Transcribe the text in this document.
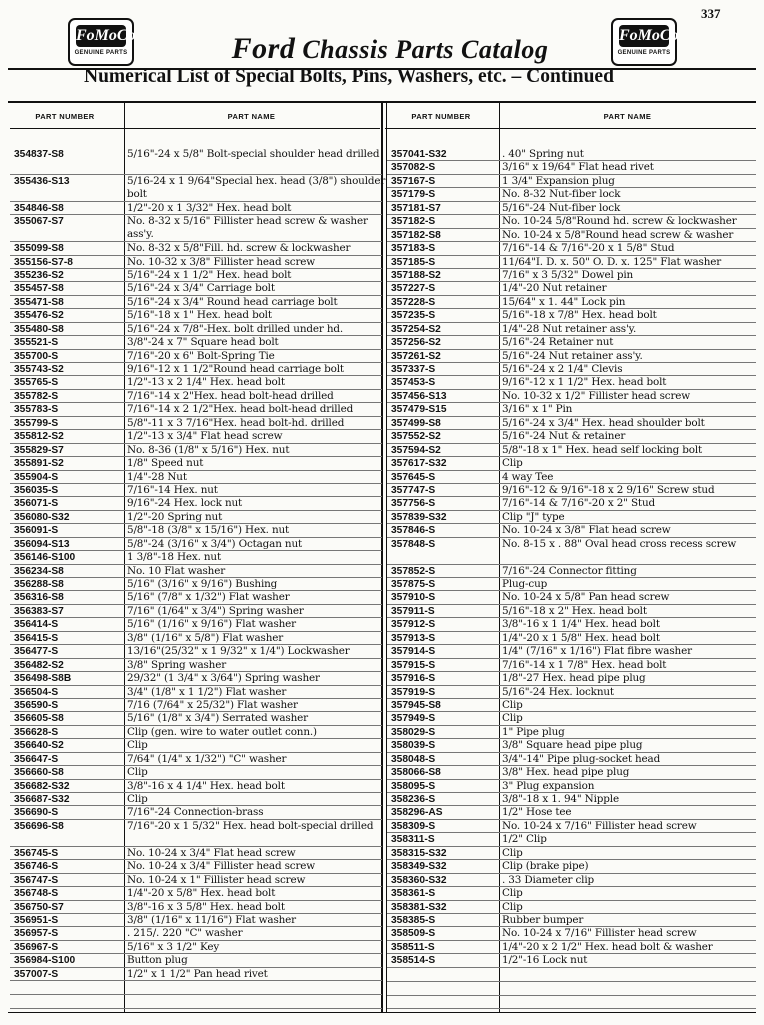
337
FoMoCo
GENUINE PARTS
FoMoCo
GENUINE PARTS
Ford Chassis Parts Catalog
Numerical List of Special Bolts, Pins, Washers, etc. – Continued
PART NUMBER	PART NAME	PART NUMBER	PART NAME
354837-S8	5/16"-24 x 5/8" Bolt-special shoulder head drilled
355436-S13	5/16-24 x 1 9/64"Special hex. head (3/8") shoulder bolt
354846-S8	1/2"-20 x 1 3/32" Hex. head bolt
355067-S7	No. 8-32 x 5/16" Fillister head screw & washer ass'y.
355099-S8	No. 8-32 x 5/8"Fill. hd. screw & lockwasher
355156-S7-8	No. 10-32 x 3/8" Fillister head screw
355236-S2	5/16"-24 x 1 1/2" Hex. head bolt
355457-S8	5/16"-24 x 3/4" Carriage bolt
355471-S8	5/16"-24 x 3/4" Round head carriage bolt
355476-S2	5/16"-18 x 1" Hex. head bolt
355480-S8	5/16"-24 x 7/8"-Hex. bolt drilled under hd.
355521-S	3/8"-24 x 7" Square head bolt
355700-S	7/16"-20 x 6" Bolt-Spring Tie
355743-S2	9/16"-12 x 1 1/2"Round head carriage bolt
355765-S	1/2"-13 x 2 1/4" Hex. head bolt
355782-S	7/16"-14 x 2"Hex. head bolt-head drilled
355783-S	7/16"-14 x 2 1/2"Hex. head bolt-head drilled
355799-S	5/8"-11 x 3 7/16"Hex. head bolt-hd. drilled
355812-S2	1/2"-13 x 3/4" Flat head screw
355829-S7	No. 8-36 (1/8" x 5/16") Hex. nut
355891-S2	1/8" Speed nut
355904-S	1/4"-28 Nut
356035-S	7/16"-14 Hex. nut
356071-S	9/16"-24 Hex. lock nut
356080-S32	1/2"-20 Spring nut
356091-S	5/8"-18 (3/8" x 15/16") Hex. nut
356094-S13	5/8"-24 (3/16" x 3/4") Octagan nut
356146-S100	1 3/8"-18 Hex. nut
356234-S8	No. 10 Flat washer
356288-S8	5/16" (3/16" x 9/16") Bushing
356316-S8	5/16" (7/8" x 1/32") Flat washer
356383-S7	7/16" (1/64" x 3/4") Spring washer
356414-S	5/16" (1/16" x 9/16") Flat washer
356415-S	3/8" (1/16" x 5/8") Flat washer
356477-S	13/16"(25/32" x 1 9/32" x 1/4") Lockwasher
356482-S2	3/8" Spring washer
356498-S8B	29/32" (1 3/4" x 3/64") Spring washer
356504-S	3/4" (1/8" x 1 1/2") Flat washer
356590-S	7/16 (7/64" x 25/32") Flat washer
356605-S8	5/16" (1/8" x 3/4") Serrated washer
356628-S	Clip (gen. wire to water outlet conn.)
356640-S2	Clip
356647-S	7/64" (1/4" x 1/32") "C" washer
356660-S8	Clip
356682-S32	3/8"-16 x 4 1/4" Hex. head bolt
356687-S32	Clip
356690-S	7/16"-24 Connection-brass
356696-S8	7/16"-20 x 1 5/32" Hex. head bolt-special drilled
356745-S	No. 10-24 x 3/4" Flat head screw
356746-S	No. 10-24 x 3/4" Fillister head screw
356747-S	No. 10-24 x 1" Fillister head screw
356748-S	1/4"-20 x 5/8" Hex. head bolt
356750-S7	3/8"-16 x 3 5/8" Hex. head bolt
356951-S	3/8" (1/16" x 11/16") Flat washer
356957-S	. 215/. 220 "C" washer
356967-S	5/16" x 3 1/2" Key
356984-S100	Button plug
357007-S	1/2" x 1 1/2" Pan head rivet
357041-S32	. 40" Spring nut
357082-S	3/16" x 19/64" Flat head rivet
357167-S	1 3/4" Expansion plug
357179-S	No. 8-32 Nut-fiber lock
357181-S7	5/16"-24 Nut-fiber lock
357182-S	No. 10-24 5/8"Round hd. screw & lockwasher
357182-S8	No. 10-24 x 5/8"Round head screw & washer
357183-S	7/16"-14 & 7/16"-20 x 1 5/8" Stud
357185-S	11/64"I. D. x. 50" O. D. x. 125" Flat washer
357188-S2	7/16" x 3 5/32" Dowel pin
357227-S	1/4"-20 Nut retainer
357228-S	15/64" x 1. 44" Lock pin
357235-S	5/16"-18 x 7/8" Hex. head bolt
357254-S2	1/4"-28 Nut retainer ass'y.
357256-S2	5/16"-24 Retainer nut
357261-S2	5/16"-24 Nut retainer ass'y.
357337-S	5/16"-24 x 2 1/4" Clevis
357453-S	9/16"-12 x 1 1/2" Hex. head bolt
357456-S13	No. 10-32 x 1/2" Fillister head screw
357479-S15	3/16" x 1" Pin
357499-S8	5/16"-24 x 3/4" Hex. head shoulder bolt
357552-S2	5/16"-24 Nut & retainer
357594-S2	5/8"-18 x 1" Hex. head self locking bolt
357617-S32	Clip
357645-S	4 way Tee
357747-S	9/16"-12 & 9/16"-18 x 2 9/16" Screw stud
357756-S	7/16"-14 & 7/16"-20 x 2" Stud
357839-S32	Clip "J" type
357846-S	No. 10-24 x 3/8" Flat head screw
357848-S	No. 8-15 x . 88" Oval head cross recess screw
357852-S	7/16"-24 Connector fitting
357875-S	Plug-cup
357910-S	No. 10-24 x 5/8" Pan head screw
357911-S	5/16"-18 x 2" Hex. head bolt
357912-S	3/8"-16 x 1 1/4" Hex. head bolt
357913-S	1/4"-20 x 1 5/8" Hex. head bolt
357914-S	1/4" (7/16" x 1/16") Flat fibre washer
357915-S	7/16"-14 x 1 7/8" Hex. head bolt
357916-S	1/8"-27 Hex. head pipe plug
357919-S	5/16"-24 Hex. locknut
357945-S8	Clip
357949-S	Clip
358029-S	1" Pipe plug
358039-S	3/8" Square head pipe plug
358048-S	3/4"-14" Pipe plug-socket head
358066-S8	3/8" Hex. head pipe plug
358095-S	3" Plug expansion
358236-S	3/8"-18 x 1. 94" Nipple
358296-AS	1/2" Hose tee
358309-S	No. 10-24 x 7/16" Fillister head screw
358311-S	1/2" Clip
358315-S32	Clip
358349-S32	Clip (brake pipe)
358360-S32	. 33 Diameter clip
358361-S	Clip
358381-S32	Clip
358385-S	Rubber bumper
358509-S	No. 10-24 x 7/16" Fillister head screw
358511-S	1/4"-20 x 2 1/2" Hex. head bolt & washer
358514-S	1/2"-16 Lock nut
